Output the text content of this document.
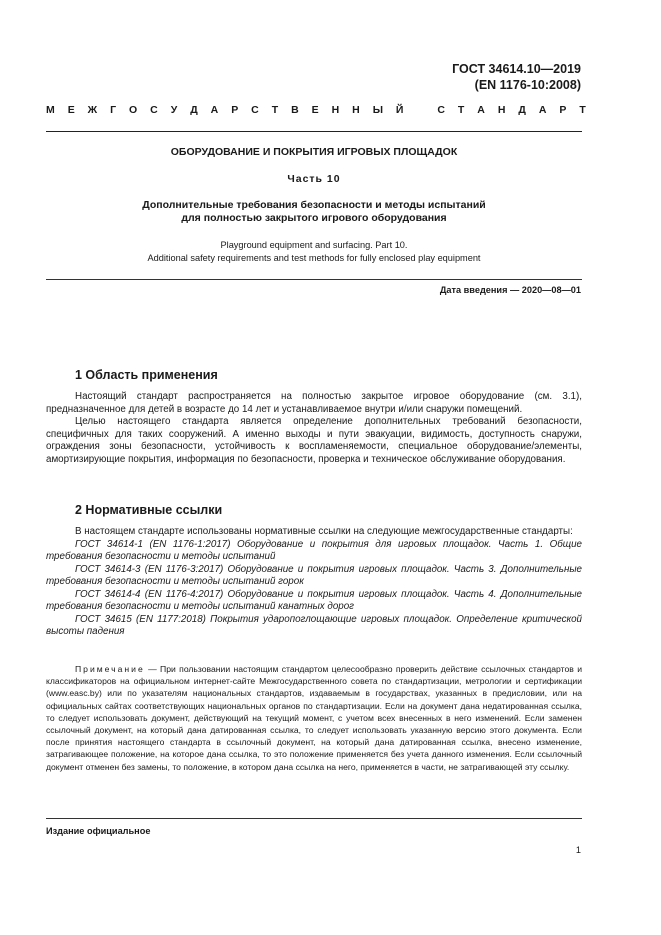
ГОСТ 34614.10—2019
(EN 1176-10:2008)
М Е Ж Г О С У Д А Р С Т В Е Н Н Ы Й	С Т А Н Д А Р Т
ОБОРУДОВАНИЕ И ПОКРЫТИЯ ИГРОВЫХ ПЛОЩАДОК
Часть 10
Дополнительные требования безопасности и методы испытаний
для полностью закрытого игрового оборудования
Playground equipment and surfacing. Part 10.
Additional safety requirements and test methods for fully enclosed play equipment
Дата введения — 2020—08—01
1 Область применения

Настоящий стандарт распространяется на полностью закрытое игровое оборудование (см. 3.1), предназначенное для детей в возрасте до 14 лет и устанавливаемое внутри и/или снаружи помещений.

Целью настоящего стандарта является определение дополнительных требований безопасности, специфичных для таких сооружений. А именно выходы и пути эвакуации, видимость, доступность снаружи, ограждения зоны безопасности, устойчивость к воспламеняемости, специальное оборудование/элементы, амортизирующие покрытия, информация по безопасности, проверка и техническое обслуживание оборудования.

2 Нормативные ссылки

В настоящем стандарте использованы нормативные ссылки на следующие межгосударственные стандарты:

ГОСТ 34614-1 (EN 1176-1:2017) Оборудование и покрытия для игровых площадок. Часть 1. Общие требования безопасности и методы испытаний

ГОСТ 34614-3 (EN 1176-3:2017) Оборудование и покрытия игровых площадок. Часть 3. Дополнительные требования безопасности и методы испытаний горок

ГОСТ 34614-4 (EN 1176-4:2017) Оборудование и покрытия игровых площадок. Часть 4. Дополнительные требования безопасности и методы испытаний канатных дорог

ГОСТ 34615 (EN 1177:2018) Покрытия ударопоглощающие игровых площадок. Определение критической высоты падения

Примечание — При пользовании настоящим стандартом целесообразно проверить действие ссылочных стандартов и классификаторов на официальном интернет-сайте Межгосударственного совета по стандартизации, метрологии и сертификации (www.easc.by) или по указателям национальных стандартов, издаваемым в государствах, указанных в предисловии, или на официальных сайтах соответствующих национальных органов по стандартизации. Если на документ дана недатированная ссылка, то следует использовать документ, действующий на текущий момент, с учетом всех внесенных в него изменений. Если заменен ссылочный документ, на который дана датированная ссылка, то следует использовать указанную версию этого документа. Если после принятия настоящего стандарта в ссылочный документ, на который дана датированная ссылка, внесено изменение, затрагивающее положение, на которое дана ссылка, то это положение применяется без учета данного изменения. Если ссылочный документ отменен без замены, то положение, в котором дана ссылка на него, применяется в части, не затрагивающей эту ссылку.

Издание официальное
1
